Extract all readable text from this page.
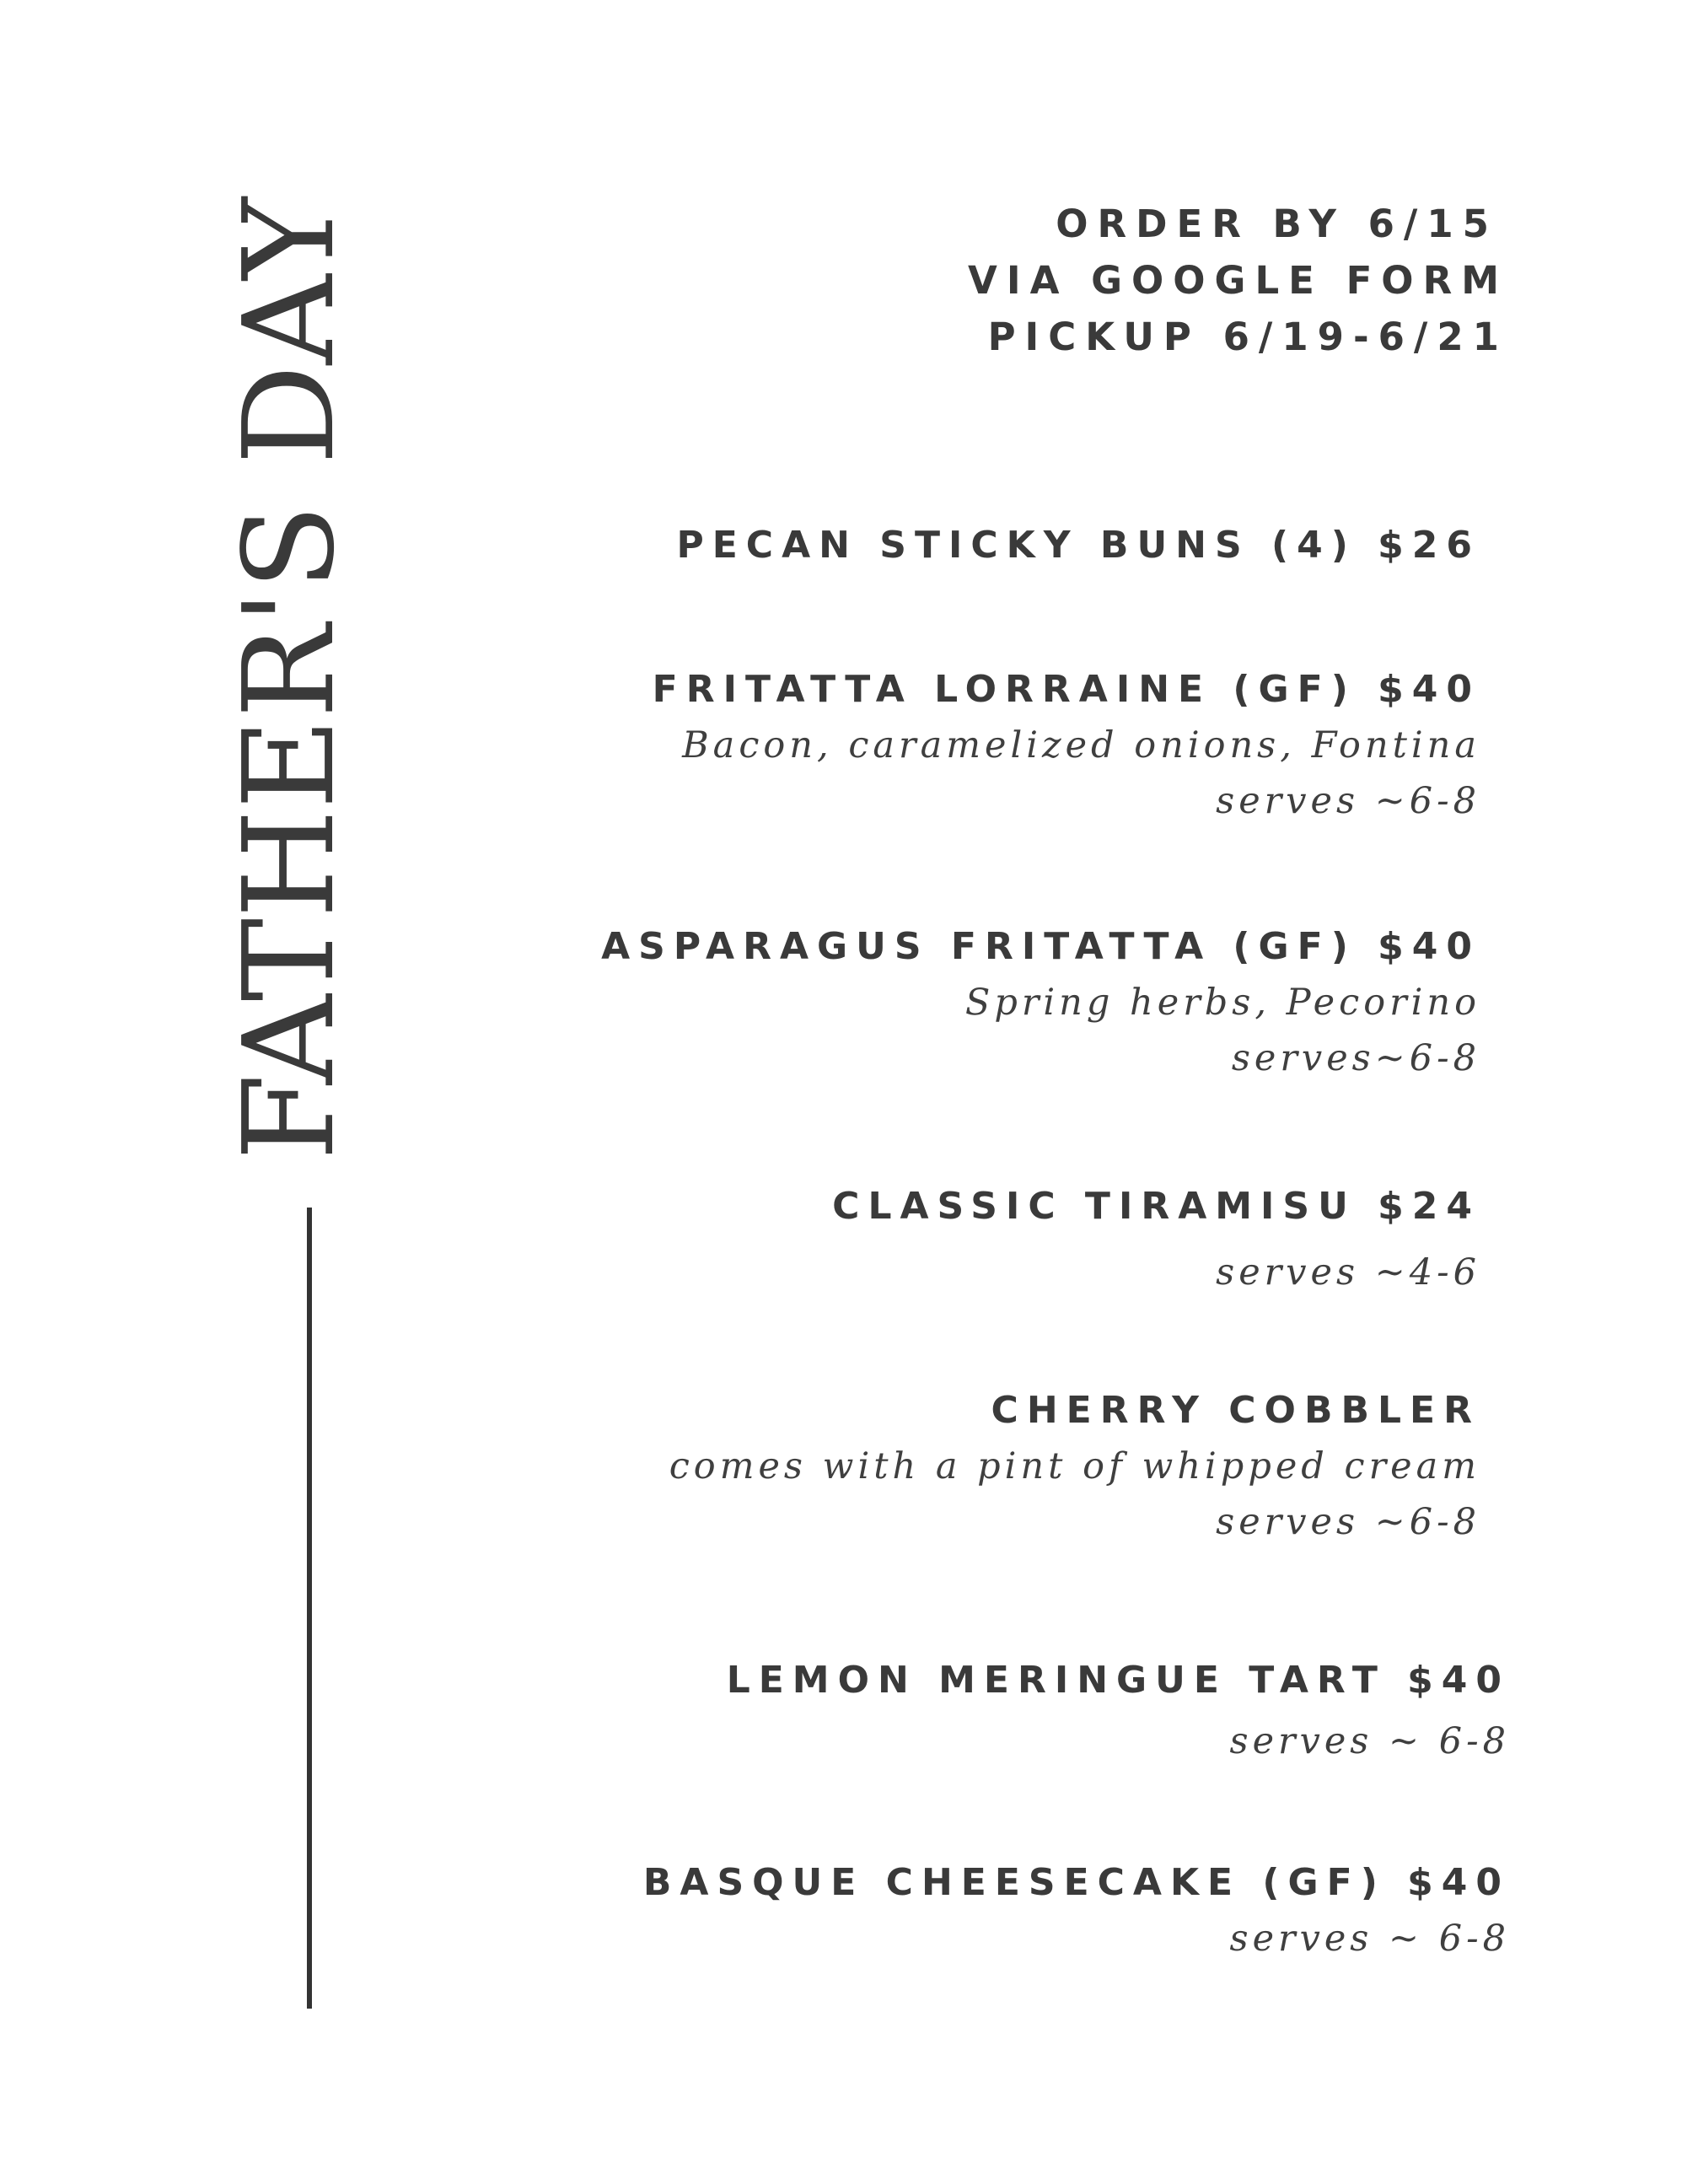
FATHER'S DAY	ORDER BY 6/15
VIA GOOGLE FORM
PICKUP 6/19-6/21
PECAN STICKY BUNS (4) $26
FRITATTA LORRAINE (GF) $40
Bacon, caramelized onions, Fontina
serves ~6-8
ASPARAGUS FRITATTA (GF) $40
Spring herbs, Pecorino
serves~6-8
CLASSIC TIRAMISU $24
serves ~4-6
CHERRY COBBLER
comes with a pint of whipped cream
serves ~6-8
LEMON MERINGUE TART $40
serves ~ 6-8
BASQUE CHEESECAKE (GF) $40
serves ~ 6-8
